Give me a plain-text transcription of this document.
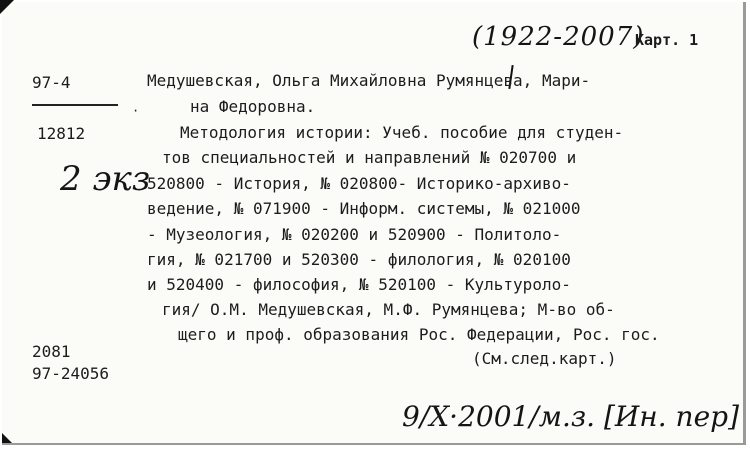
(1922-2007)
Карт. 1
97-4
·
12812
2 экз
Медушевская, Ольга Михайловна Румянцева, Мари-
на Федоровна.
Методология истории: Учеб. пособие для студен-
тов специальностей и направлений № 020700 и
520800 - История, № 020800- Историко-архиво-
ведение, № 071900 - Информ. системы, № 021000
- Музеология, № 020200 и 520900 - Политоло-
гия, № 021700 и 520300 - филология, № 020100
и 520400 - философия, № 520100 - Культуроло-
гия/ О.М. Медушевская, М.Ф. Румянцева; М-во об-
щего и проф. образования Рос. Федерации, Рос. гос.
(См.след.карт.)
2081
97-24056
9/X·2001/м.з. [Ин. пер]
